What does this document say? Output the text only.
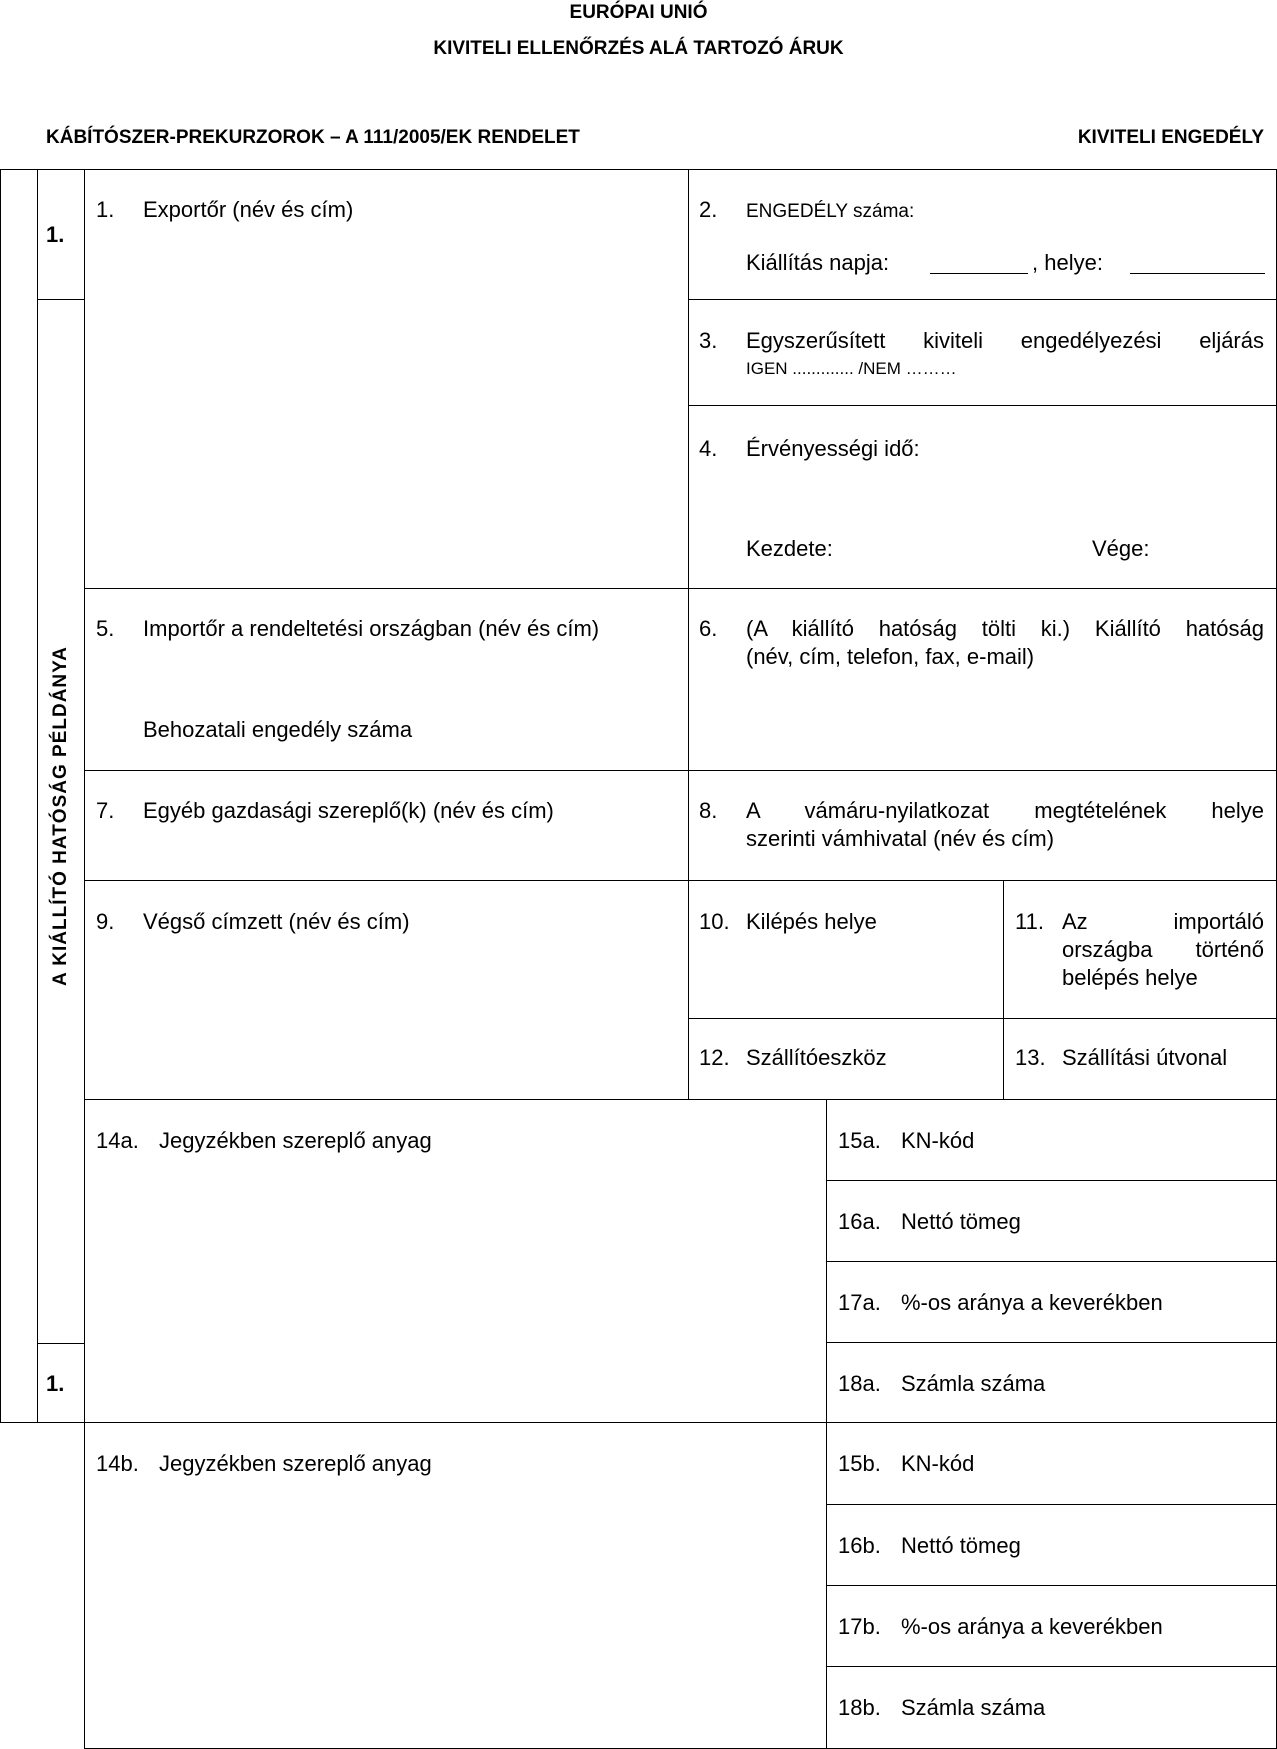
EURÓPAI UNIÓ
KIVITELI ELLENŐRZÉS ALÁ TARTOZÓ ÁRUK
KÁBÍTÓSZER-PREKURZOROK – A 111/2005/EK RENDELET	KIVITELI ENGEDÉLY
1.
1.
A KIÁLLÍTÓ HATÓSÁG PÉLDÁNYA
1. Exportőr (név és cím)	2. ENGEDÉLY száma:
Kiállítás napja:	, helye:
3. Egyszerűsített kiviteli engedélyezési eljárás
IGEN ............. /NEM ………
4. Érvényességi idő:
Kezdete:	Vége:
5. Importőr a rendeltetési országban (név és cím)
Behozatali engedély száma
6. (A kiállító hatóság tölti ki.) Kiállító hatóság
(név, cím, telefon, fax, e-mail)
7. Egyéb gazdasági szereplő(k) (név és cím)	8. A vámáru-nyilatkozat megtételének helye
szerinti vámhivatal (név és cím)
9. Végső címzett (név és cím)	10. Kilépés helye	11. Az importáló
országba történő
belépés helye
12. Szállítóeszköz	13. Szállítási útvonal
14a. Jegyzékben szereplő anyag	15a. KN-kód
16a. Nettó tömeg
17a. %-os aránya a keverékben
18a. Számla száma
14b. Jegyzékben szereplő anyag	15b. KN-kód
16b. Nettó tömeg
17b. %-os aránya a keverékben
18b. Számla száma
